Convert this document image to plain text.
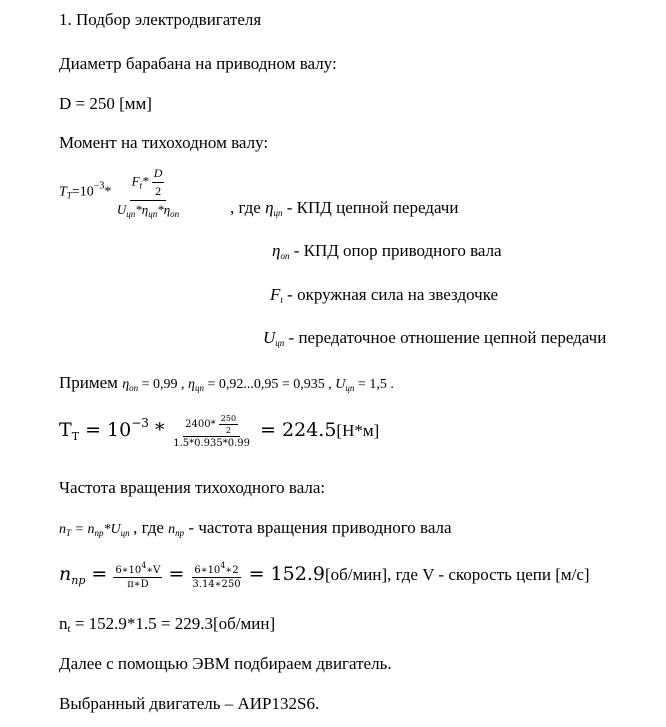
1. Подбор электродвигателя
Диаметр барабана на приводном валу:
D = 250 [мм]
Момент на тихоходном валу:
$T_T=10^{-3}* \frac{F_t* \frac{D}{2}}{U_{цп}*\eta_{цп}*\eta_{оп}}$	, где $\eta_{цп}$ - КПД цепной передачи
$\eta_{оп}$ - КПД опор приводного вала
$F_t$ - окружная сила на звездочке
$U_{цп}$ - передаточное отношение цепной передачи
Примем $\eta_{оп} = 0,99$ , $\eta_{цп} = 0,92...0,95 = 0,935$ , $U_{цп} = 1,5$ .
$T_T = 10^{-3} * \frac{2400* \frac{250}{2}}{1.5*0.935*0.99} = 224.5[Н*м]$
Частота вращения тихоходного вала:
$n_T = n_{пр}*U_{цп}$ , где $n_{пр}$ - частота вращения приводного вала
$n_{пр} = \frac{6∗10^4∗V}{\pi∗D} = \frac{6∗10^4∗2}{3.14∗250} = 152.9[об/мин]$, где V - скорость цепи [м/с]
nt = 152.9*1.5 = 229.3[об/мин]
Далее с помощью ЭВМ подбираем двигатель.
Выбранный двигатель – АИР132S6.
